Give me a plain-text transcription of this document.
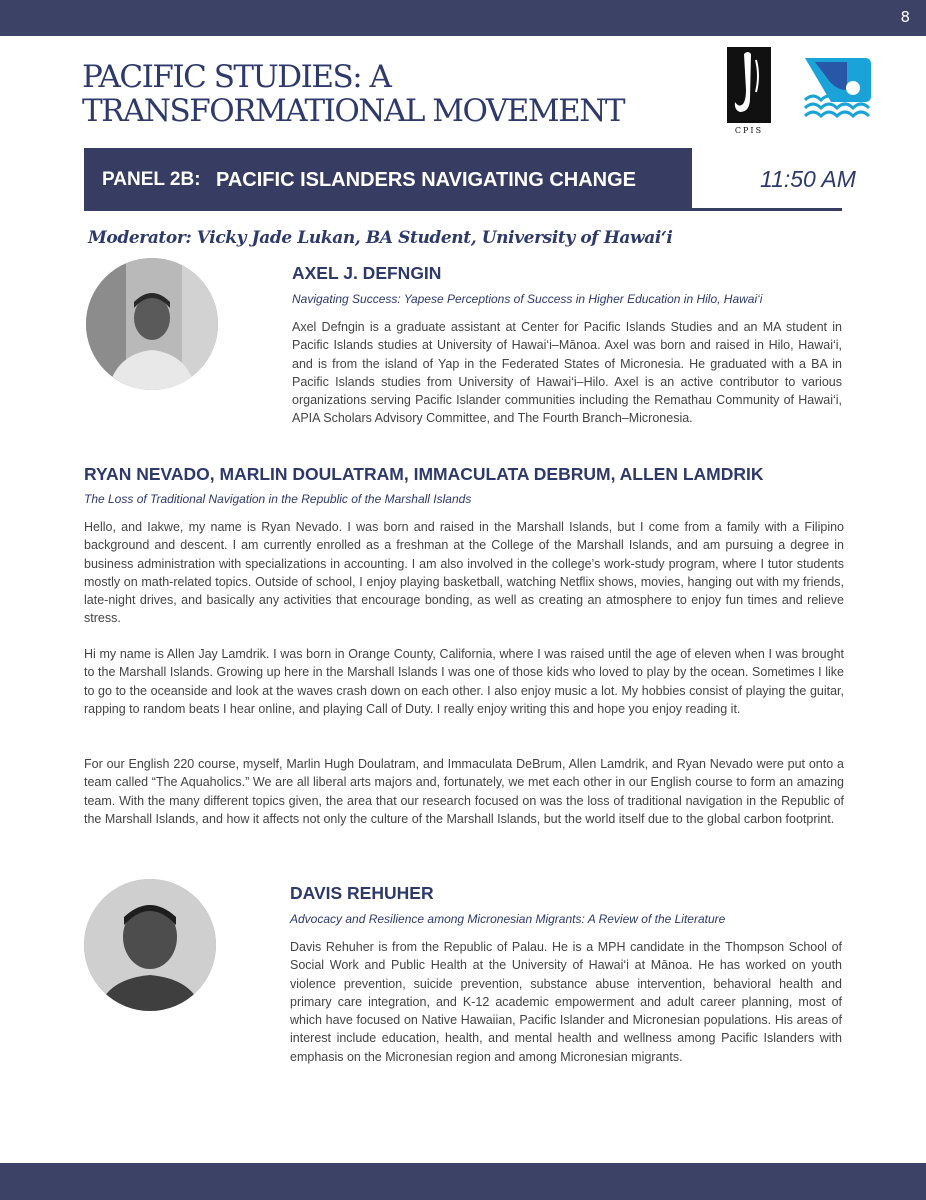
8
PACIFIC STUDIES: A TRANSFORMATIONAL MOVEMENT
CPIS
PANEL 2B: PACIFIC ISLANDERS NAVIGATING CHANGE	11:50 AM
Moderator: Vicky Jade Lukan, BA Student, University of Hawai‘i
AXEL J. DEFNGIN
Navigating Success: Yapese Perceptions of Success in Higher Education in Hilo, Hawai‘i

Axel Defngin is a graduate assistant at Center for Pacific Islands Studies and an MA student in Pacific Islands studies at University of Hawai‘i–Mānoa. Axel was born and raised in Hilo, Hawai‘i, and is from the island of Yap in the Federated States of Micronesia. He graduated with a BA in Pacific Islands studies from University of Hawai‘i–Hilo. Axel is an active contributor to various organizations serving Pacific Islander communities including the Remathau Community of Hawai‘i, APIA Scholars Advisory Committee, and The Fourth Branch–Micronesia.

RYAN NEVADO, MARLIN DOULATRAM, IMMACULATA DEBRUM, ALLEN LAMDRIK
The Loss of Traditional Navigation in the Republic of the Marshall Islands

Hello, and Iakwe, my name is Ryan Nevado. I was born and raised in the Marshall Islands, but I come from a family with a Filipino background and descent. I am currently enrolled as a freshman at the College of the Marshall Islands, and am pursuing a degree in business administration with specializations in accounting. I am also involved in the college’s work-study program, where I tutor students mostly on math-related topics. Outside of school, I enjoy playing basketball, watching Netflix shows, movies, hanging out with my friends, late-night drives, and basically any activities that encourage bonding, as well as creating an atmosphere to enjoy fun times and relieve stress.

Hi my name is Allen Jay Lamdrik. I was born in Orange County, California, where I was raised until the age of eleven when I was brought to the Marshall Islands. Growing up here in the Marshall Islands I was one of those kids who loved to play by the ocean. Sometimes I like to go to the oceanside and look at the waves crash down on each other. I also enjoy music a lot. My hobbies consist of playing the guitar, rapping to random beats I hear online, and playing Call of Duty. I really enjoy writing this and hope you enjoy reading it.

For our English 220 course, myself, Marlin Hugh Doulatram, and Immaculata DeBrum, Allen Lamdrik, and Ryan Nevado were put onto a team called “The Aquaholics.” We are all liberal arts majors and, fortunately, we met each other in our English course to form an amazing team. With the many different topics given, the area that our research focused on was the loss of traditional navigation in the Republic of the Marshall Islands, and how it affects not only the culture of the Marshall Islands, but the world itself due to the global carbon footprint.

DAVIS REHUHER
Advocacy and Resilience among Micronesian Migrants: A Review of the Literature

Davis Rehuher is from the Republic of Palau. He is a MPH candidate in the Thompson School of Social Work and Public Health at the University of Hawai‘i at Mānoa. He has worked on youth violence prevention, suicide prevention, substance abuse intervention, behavioral health and primary care integration, and K-12 academic empowerment and adult career planning, most of which have focused on Native Hawaiian, Pacific Islander and Micronesian populations. His areas of interest include education, health, and mental health and wellness among Pacific Islanders with emphasis on the Micronesian region and among Micronesian migrants.
